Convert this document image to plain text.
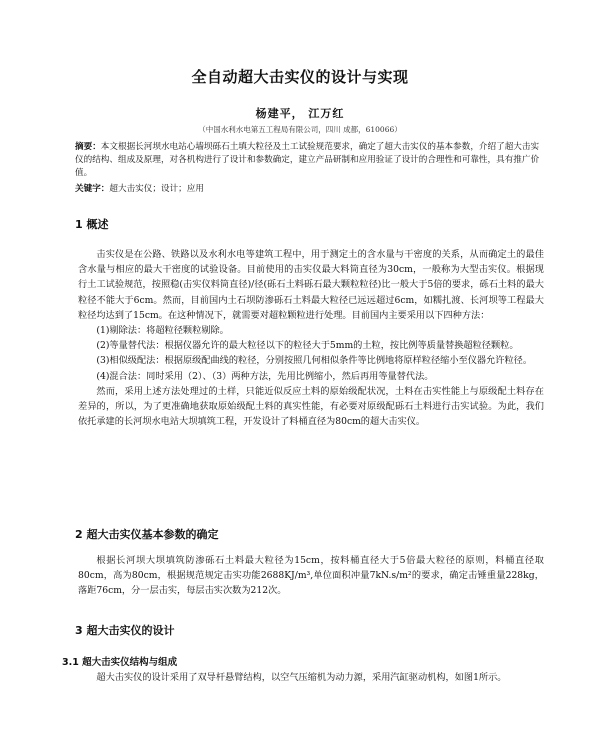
全自动超大击实仪的设计与实现
杨建平， 江万红
（中国水利水电第五工程局有限公司，四川 成都，610066）
摘要：本文根据长河坝水电站心墙坝砾石土填大粒径及土工试验规范要求，确定了超大击实仪的基本参数，介绍了超大击实仪的结构、组成及原理，对各机构进行了设计和参数确定，建立产品研制和应用验证了设计的合理性和可靠性，具有推广价值。
关键字：超大击实仪；设计；应用
1 概述

击实仪是在公路、铁路以及水利水电等建筑工程中，用于测定土的含水量与干密度的关系，从而确定土的最佳含水量与相应的最大干密度的试验设备。目前使用的击实仪最大料筒直径为30cm，一般称为大型击实仪。根据现行土工试验规范，按照稳(击实仪料筒直径)/径(砾石土料砾石最大颗粒粒径)比一般大于5倍的要求，砾石土料的最大粒径不能大于6cm。然而，目前国内土石坝防渗砾石土料最大粒径已远远超过6cm，如糯扎渡、长河坝等工程最大粒径均达到了15cm。在这种情况下，就需要对超粒颗粒进行处理。目前国内主要采用以下四种方法：

(1)剔除法：将超粒径颗粒剔除。

(2)等量替代法：根据仪器允许的最大粒径以下的粒径大于5mm的土粒，按比例等质量替换超粒径颗粒。

(3)相似级配法：根据原级配曲线的粒径，分别按照几何相似条件等比例地将原样粒径缩小至仪器允许粒径。

(4)混合法：同时采用（2）、（3）两种方法，先用比例缩小，然后再用等量替代法。

然而，采用上述方法处理过的土样，只能近似反应土料的原始级配状况，土料在击实性能上与原级配土料存在差异的，所以，为了更准确地获取原始级配土料的真实性能，有必要对原级配砾石土料进行击实试验。为此，我们依托承建的长河坝水电站大坝填筑工程，开发设计了料桶直径为80cm的超大击实仪。

2 超大击实仪基本参数的确定

根据长河坝大坝填筑防渗砾石土料最大粒径为15cm，按料桶直径大于5倍最大粒径的原则，料桶直径取80cm，高为80cm，根据规范规定击实功能2688KJ/m³,单位面积冲量7kN.s/m²的要求，确定击锤重量228kg，落距76cm，分一层击实，每层击实次数为212次。

3 超大击实仪的设计
3.1 超大击实仪结构与组成

超大击实仪的设计采用了双导杆悬臂结构，以空气压缩机为动力源，采用汽缸驱动机构，如图1所示。
